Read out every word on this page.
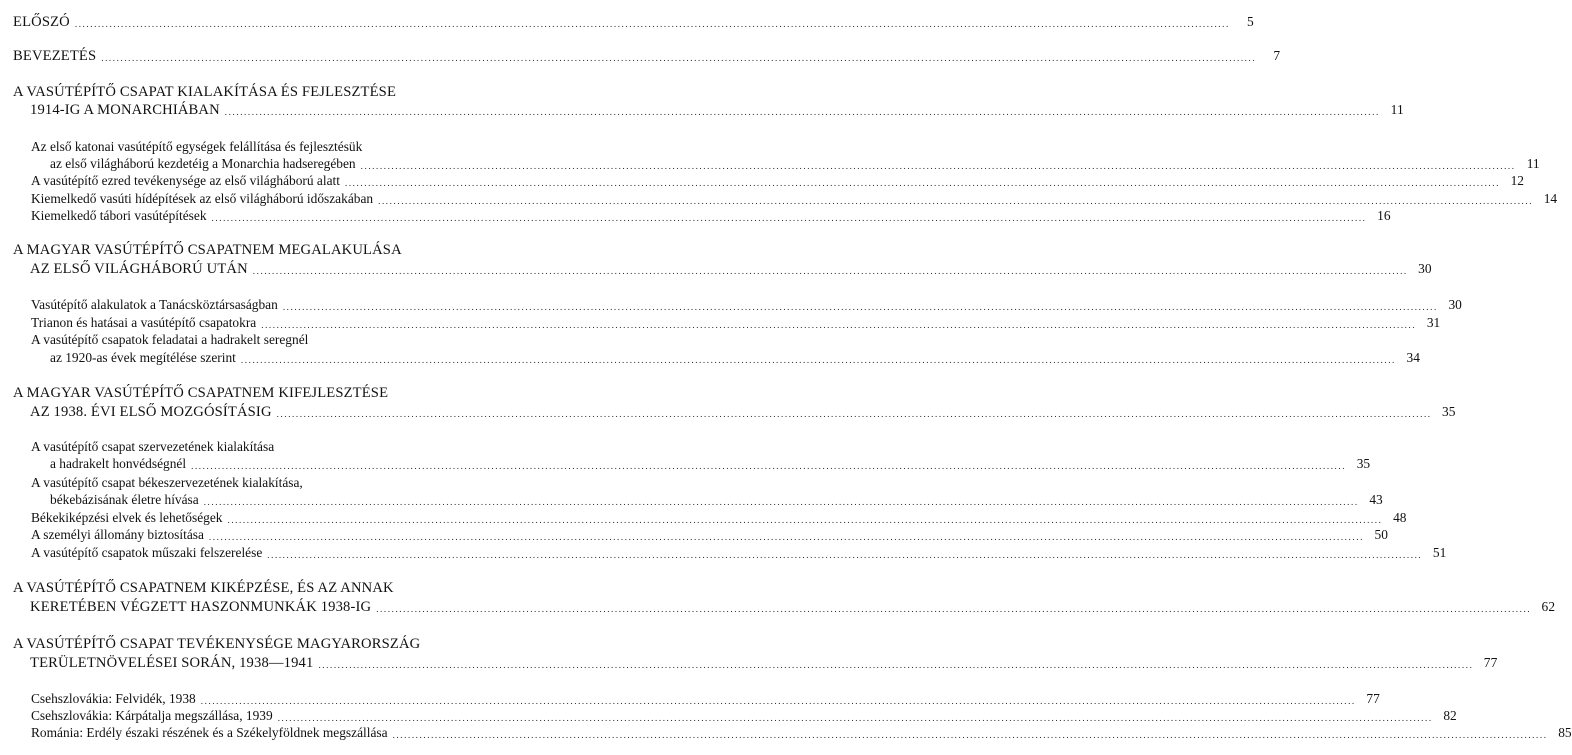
ELŐSZÓ ............................................................................................................................................................................................................................................................................................................	5
BEVEZETÉS ............................................................................................................................................................................................................................................................................................................	7
A VASÚTÉPÍTŐ CSAPAT KIALAKÍTÁSA ÉS FEJLESZTÉSE
1914-IG A MONARCHIÁBAN ............................................................................................................................................................................................................................................................................................................ 11
Az első katonai vasútépítő egységek felállítása és fejlesztésük
az első világháború kezdetéig a Monarchia hadseregében ............................................................................................................................................................................................................................................................................................................ 11
A vasútépítő ezred tevékenysége az első világháború alatt ............................................................................................................................................................................................................................................................................................................ 12
Kiemelkedő vasúti hídépítések az első világháború időszakában ............................................................................................................................................................................................................................................................................................................ 14
Kiemelkedő tábori vasútépítések ............................................................................................................................................................................................................................................................................................................ 16
A MAGYAR VASÚTÉPÍTŐ CSAPATNEM MEGALAKULÁSA
AZ ELSŐ VILÁGHÁBORÚ UTÁN ............................................................................................................................................................................................................................................................................................................ 30
Vasútépítő alakulatok a Tanácsköztársaságban ............................................................................................................................................................................................................................................................................................................ 30
Trianon és hatásai a vasútépítő csapatokra ............................................................................................................................................................................................................................................................................................................ 31
A vasútépítő csapatok feladatai a hadrakelt seregnél
az 1920-as évek megítélése szerint ............................................................................................................................................................................................................................................................................................................ 34
A MAGYAR VASÚTÉPÍTŐ CSAPATNEM KIFEJLESZTÉSE
AZ 1938. ÉVI ELSŐ MOZGÓSÍTÁSIG ............................................................................................................................................................................................................................................................................................................ 35
A vasútépítő csapat szervezetének kialakítása
a hadrakelt honvédségnél ............................................................................................................................................................................................................................................................................................................ 35
A vasútépítő csapat békeszervezetének kialakítása,
békebázisának életre hívása ............................................................................................................................................................................................................................................................................................................ 43
Békekiképzési elvek és lehetőségek ............................................................................................................................................................................................................................................................................................................ 48
A személyi állomány biztosítása ............................................................................................................................................................................................................................................................................................................ 50
A vasútépítő csapatok műszaki felszerelése ............................................................................................................................................................................................................................................................................................................ 51
A VASÚTÉPÍTŐ CSAPATNEM KIKÉPZÉSE, ÉS AZ ANNAK
KERETÉBEN VÉGZETT HASZONMUNKÁK 1938-IG ............................................................................................................................................................................................................................................................................................................ 62
A VASÚTÉPÍTŐ CSAPAT TEVÉKENYSÉGE MAGYARORSZÁG
TERÜLETNÖVELÉSEI SORÁN, 1938—1941 ............................................................................................................................................................................................................................................................................................................ 77
Csehszlovákia: Felvidék, 1938 ............................................................................................................................................................................................................................................................................................................ 77
Csehszlovákia: Kárpátalja megszállása, 1939 ............................................................................................................................................................................................................................................................................................................ 82
Románia: Erdély északi részének és a Székelyföldnek megszállása ............................................................................................................................................................................................................................................................................................................ 85
